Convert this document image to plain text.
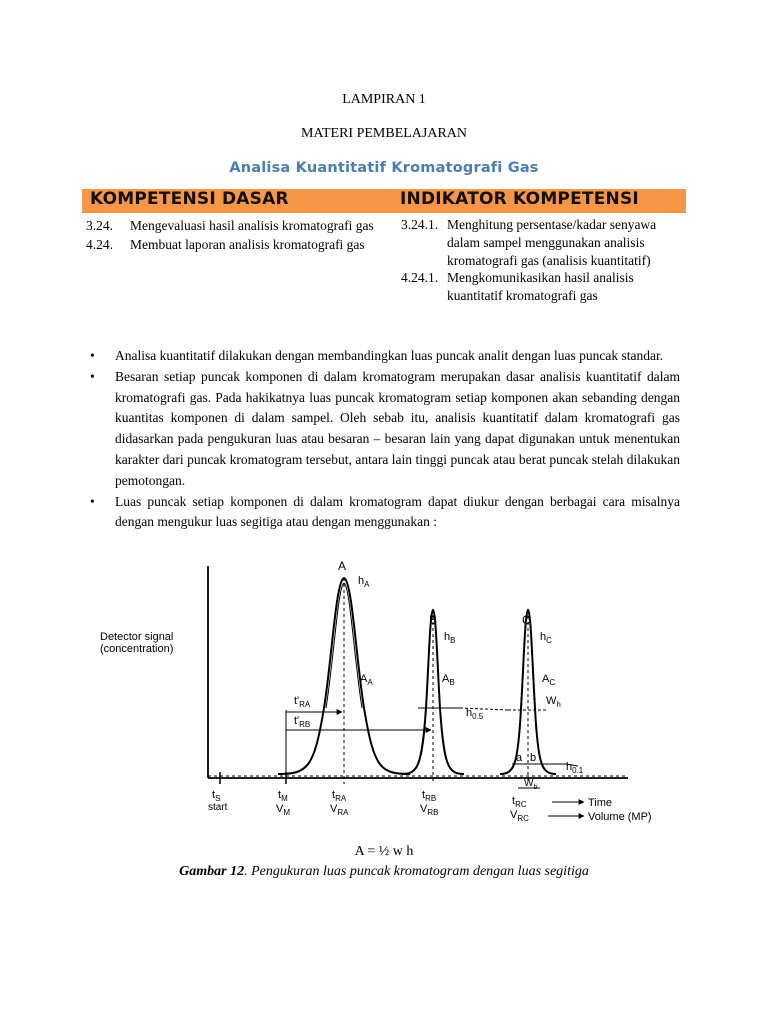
LAMPIRAN 1
MATERI PEMBELAJARAN
Analisa Kuantitatif Kromatografi Gas
KOMPETENSI DASAR	INDIKATOR KOMPETENSI
3.24.	Mengevaluasi hasil analisis kromatografi gas
4.24.	Membuat laporan analisis kromatografi gas
3.24.1. Menghitung persentase/kadar senyawa dalam sampel menggunakan analisis kromatografi gas (analisis kuantitatif)
4.24.1. Mengkomunikasikan hasil analisis kuantitatif kromatografi gas
• Analisa kuantitatif dilakukan dengan membandingkan luas puncak analit dengan luas puncak standar.
• Besaran setiap puncak komponen di dalam kromatogram merupakan dasar analisis kuantitatif dalam kromatografi gas. Pada hakikatnya luas puncak kromatogram setiap komponen akan sebanding dengan kuantitas komponen di dalam sampel. Oleh sebab itu, analisis kuantitatif dalam kromatografi gas didasarkan pada pengukuran luas atau besaran – besaran lain yang dapat digunakan untuk menentukan karakter dari puncak kromatogram tersebut, antara lain tinggi puncak atau berat puncak stelah dilakukan pemotongan.
• Luas puncak setiap komponen di dalam kromatogram dapat diukur dengan berbagai cara misalnya dengan mengukur luas segitiga atau dengan menggunakan :
Detector signal
(concentration)
A
B	C
$h_A$
$h_B$	$h_C$
$A_A$	$A_B$	$A_C$
$W_h$
$h_{0.5}$
$h_{0.1}$
$t'_{RA}$
$t'_{RB}$
a b
$W_b$
$t_S$
start
$t_M$
$V_M$
$t_{RA}$
$V_{RA}$
$t_{RB}$
$V_{RB}$
$t_{RC}$
$V_{RC}$
Time
Volume (MP)
A = ½ w h
Gambar 12. Pengukuran luas puncak kromatogram dengan luas segitiga
